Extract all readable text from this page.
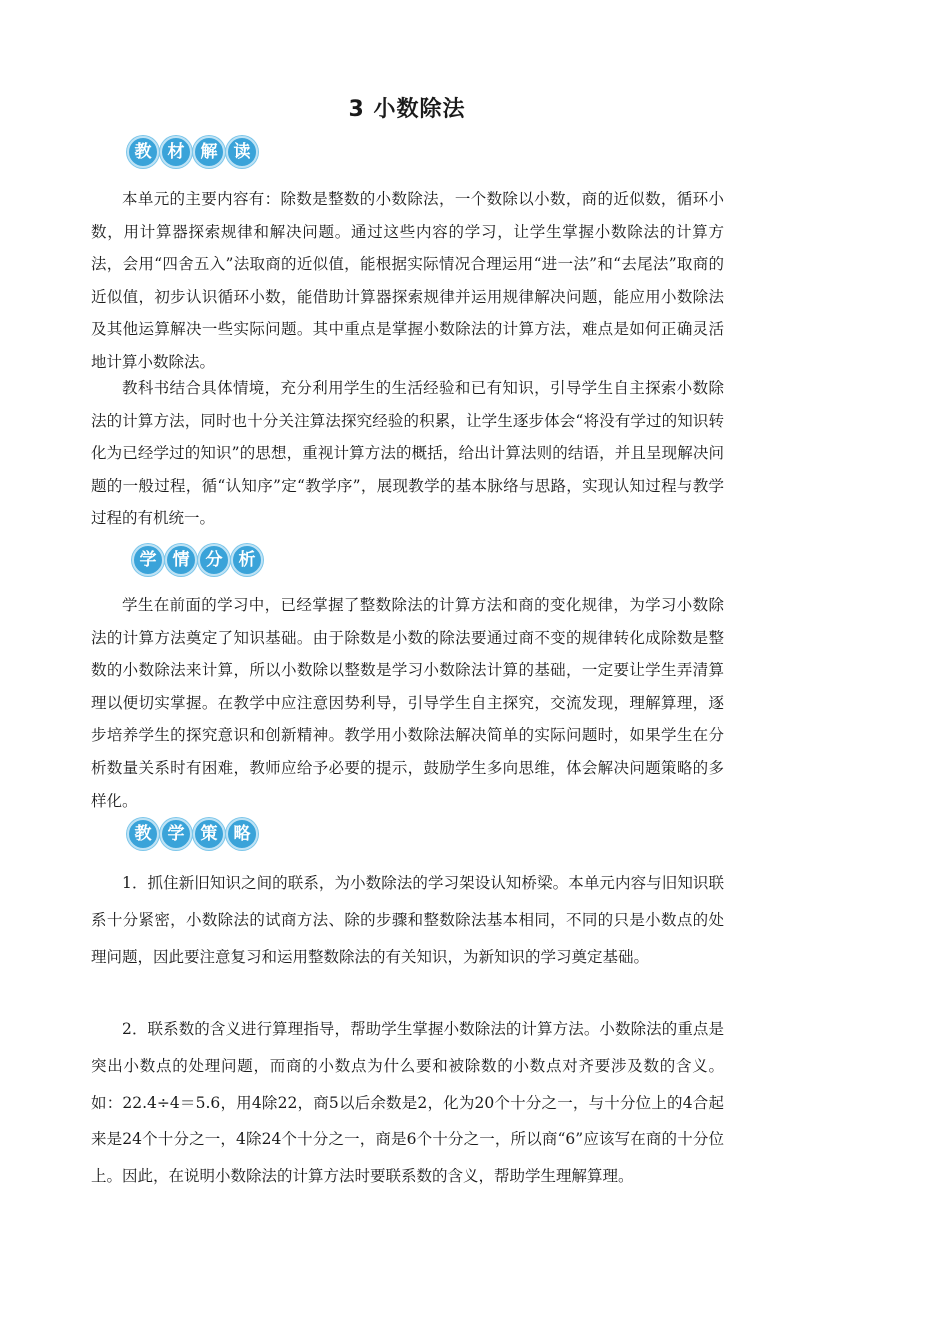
3 小数除法
教 材 解 读

本单元的主要内容有：除数是整数的小数除法，一个数除以小数，商的近似数，循环小数，用计算器探索规律和解决问题。通过这些内容的学习，让学生掌握小数除法的计算方法，会用“四舍五入”法取商的近似值，能根据实际情况合理运用“进一法”和“去尾法”取商的近似值，初步认识循环小数，能借助计算器探索规律并运用规律解决问题，能应用小数除法及其他运算解决一些实际问题。其中重点是掌握小数除法的计算方法，难点是如何正确灵活地计算小数除法。

教科书结合具体情境，充分利用学生的生活经验和已有知识，引导学生自主探索小数除法的计算方法，同时也十分关注算法探究经验的积累，让学生逐步体会“将没有学过的知识转化为已经学过的知识”的思想，重视计算方法的概括，给出计算法则的结语，并且呈现解决问题的一般过程，循“认知序”定“教学序”，展现教学的基本脉络与思路，实现认知过程与教学过程的有机统一。

学 情 分 析

学生在前面的学习中，已经掌握了整数除法的计算方法和商的变化规律，为学习小数除法的计算方法奠定了知识基础。由于除数是小数的除法要通过商不变的规律转化成除数是整数的小数除法来计算，所以小数除以整数是学习小数除法计算的基础，一定要让学生弄清算理以便切实掌握。在教学中应注意因势利导，引导学生自主探究，交流发现，理解算理，逐步培养学生的探究意识和创新精神。教学用小数除法解决简单的实际问题时，如果学生在分析数量关系时有困难，教师应给予必要的提示，鼓励学生多向思维，体会解决问题策略的多样化。

教 学 策 略

1．抓住新旧知识之间的联系，为小数除法的学习架设认知桥梁。本单元内容与旧知识联系十分紧密，小数除法的试商方法、除的步骤和整数除法基本相同，不同的只是小数点的处理问题，因此要注意复习和运用整数除法的有关知识，为新知识的学习奠定基础。

2．联系数的含义进行算理指导，帮助学生掌握小数除法的计算方法。小数除法的重点是突出小数点的处理问题，而商的小数点为什么要和被除数的小数点对齐要涉及数的含义。如：22.4÷4＝5.6，用4除22，商5以后余数是2，化为20个十分之一，与十分位上的4合起来是24个十分之一，4除24个十分之一，商是6个十分之一，所以商“6”应该写在商的十分位上。因此，在说明小数除法的计算方法时要联系数的含义，帮助学生理解算理。
